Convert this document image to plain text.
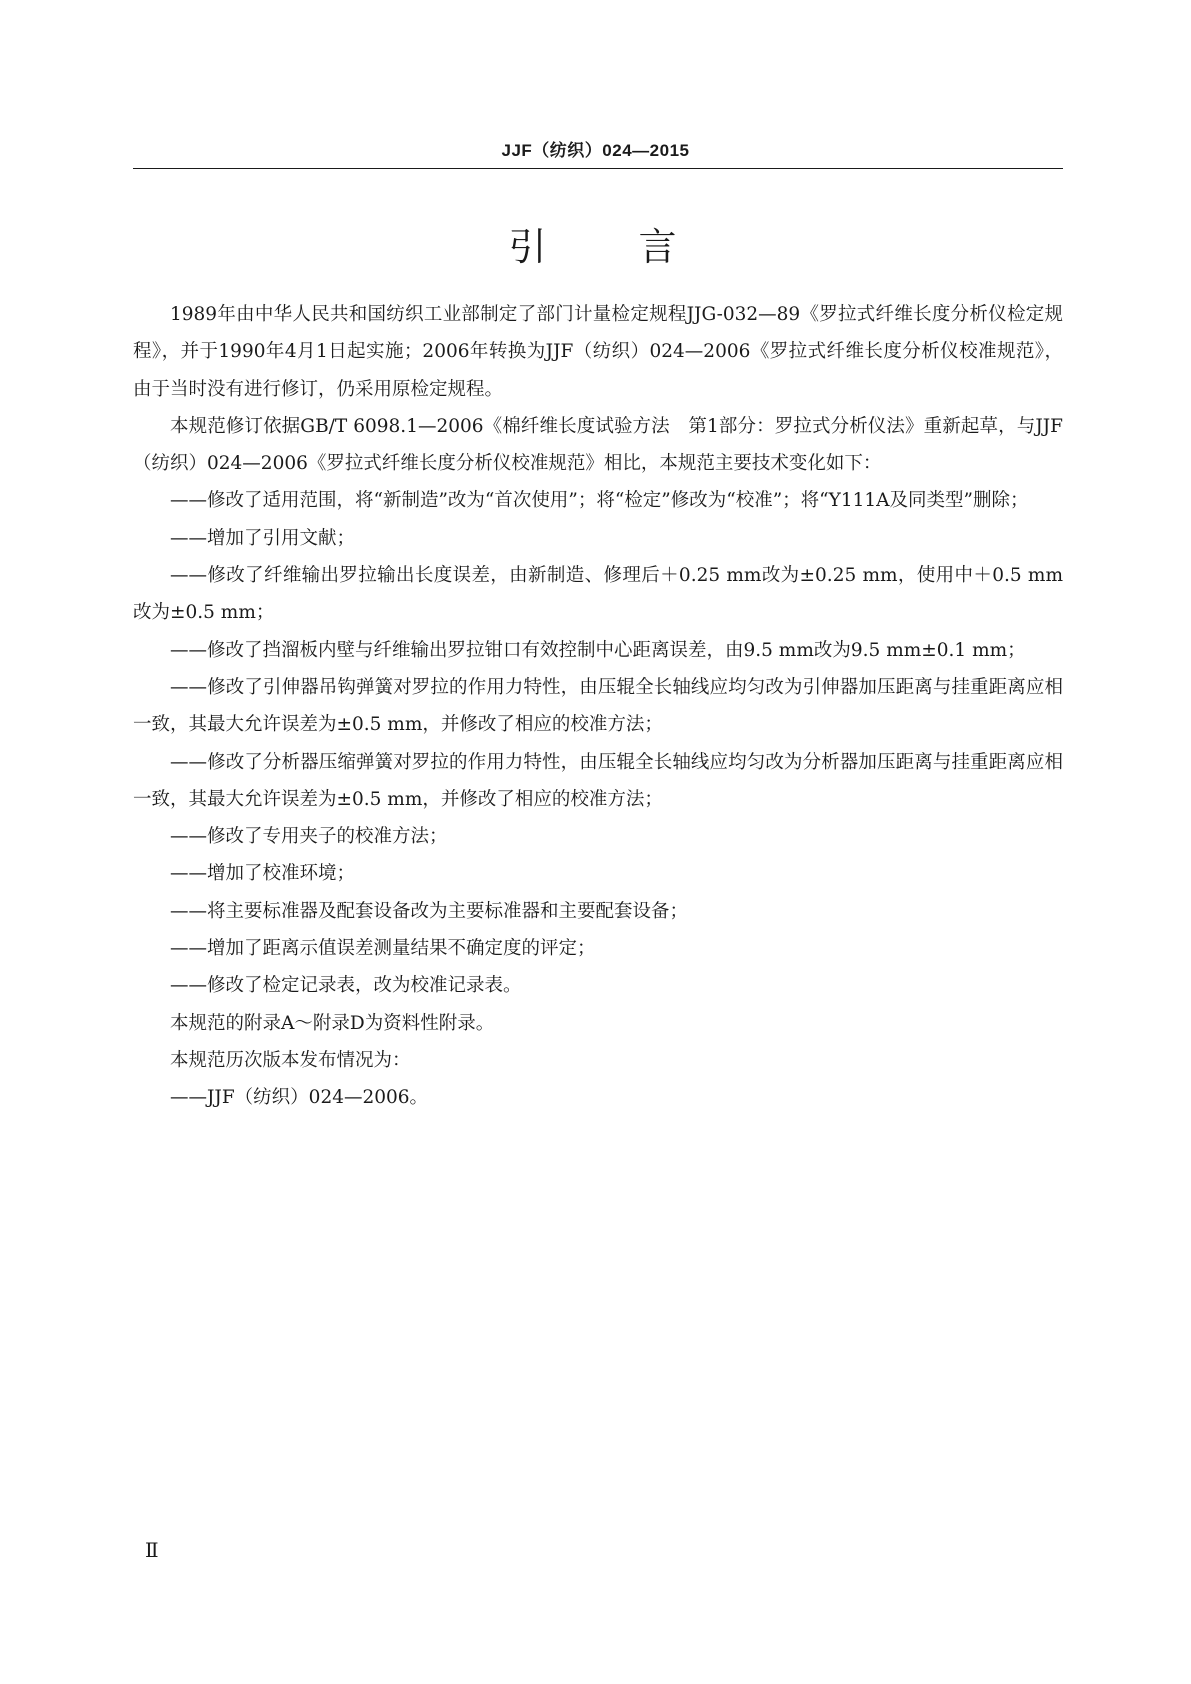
JJF（纺织）024—2015
引 言

1989年由中华人民共和国纺织工业部制定了部门计量检定规程JJG-032—89《罗拉式纤维长度分析仪检定规程》，并于1990年4月1日起实施；2006年转换为JJF（纺织）024—2006《罗拉式纤维长度分析仪校准规范》，由于当时没有进行修订，仍采用原检定规程。

本规范修订依据GB/T 6098.1—2006《棉纤维长度试验方法　第1部分：罗拉式分析仪法》重新起草，与JJF（纺织）024—2006《罗拉式纤维长度分析仪校准规范》相比，本规范主要技术变化如下：

——修改了适用范围，将“新制造”改为“首次使用”；将“检定”修改为“校准”；将“Y111A及同类型”删除；

——增加了引用文献；

——修改了纤维输出罗拉输出长度误差，由新制造、修理后＋0.25 mm改为±0.25 mm，使用中＋0.5 mm改为±0.5 mm；

——修改了挡溜板内壁与纤维输出罗拉钳口有效控制中心距离误差，由9.5 mm改为9.5 mm±0.1 mm；

——修改了引伸器吊钩弹簧对罗拉的作用力特性，由压辊全长轴线应均匀改为引伸器加压距离与挂重距离应相一致，其最大允许误差为±0.5 mm，并修改了相应的校准方法；

——修改了分析器压缩弹簧对罗拉的作用力特性，由压辊全长轴线应均匀改为分析器加压距离与挂重距离应相一致，其最大允许误差为±0.5 mm，并修改了相应的校准方法；

——修改了专用夹子的校准方法；

——增加了校准环境；

——将主要标准器及配套设备改为主要标准器和主要配套设备；

——增加了距离示值误差测量结果不确定度的评定；

——修改了检定记录表，改为校准记录表。

本规范的附录A～附录D为资料性附录。

本规范历次版本发布情况为：

——JJF（纺织）024—2006。

Ⅱ
